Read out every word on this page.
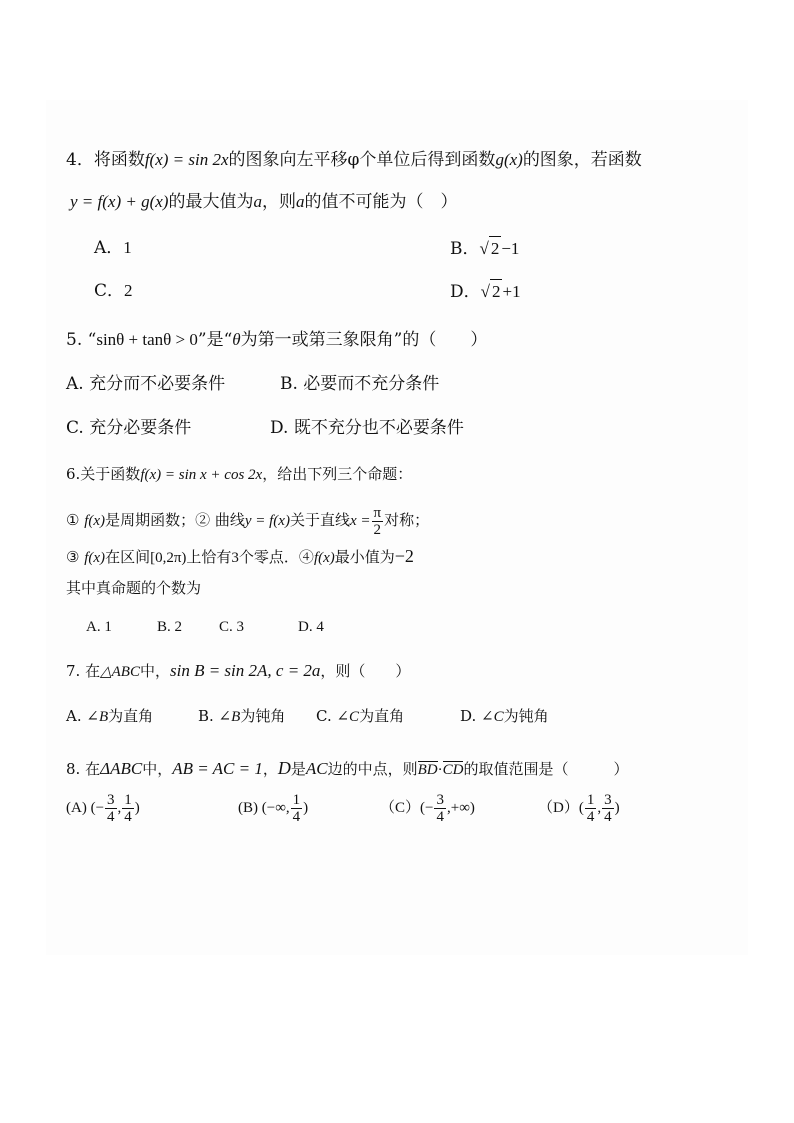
4．将函数f(x) = sin 2x的图象向左平移φ个单位后得到函数g(x)的图象，若函数
y = f(x) + g(x)的最大值为a，则a的值不可能为（　）
A．1	B．√ 2 −1
C．2	D．√ 2 +1
5. “sinθ + tanθ > 0”是“θ为第一或第三象限角”的（　　）
A. 充分而不必要条件	B. 必要而不充分条件
C. 充分必要条件	D. 既不充分也不必要条件
6.关于函数f(x) = sin x + cos 2x，给出下列三个命题：
① f(x)是周期函数；② 曲线y = f(x)关于直线$x = \frac{\pi}{2}$ 对称；
③ f(x)在区间[0,2π)上恰有3个零点．④f(x)最小值为−2
其中真命题的个数为
A. 1	B. 2 C. 3	D. 4
7. 在△ABC中，sin B = sin 2A, c = 2a，则（　　）
A. ∠B为直角	B. ∠B为钝角 C. ∠C为直角	D. ∠C为钝角
8. 在ΔABC中，AB = AC = 1，D是AC边的中点，则BD·CD的取值范围是（　　　）
(A) (− $\frac{3}{4}$ , $\frac{1}{4}$ )	(B) (−∞, $\frac{1}{4}$ )	$(C)(- \frac{3}{4}$ ,+∞)	$(D)( \frac{1}{4}$ , $\frac{3}{4}$ )
